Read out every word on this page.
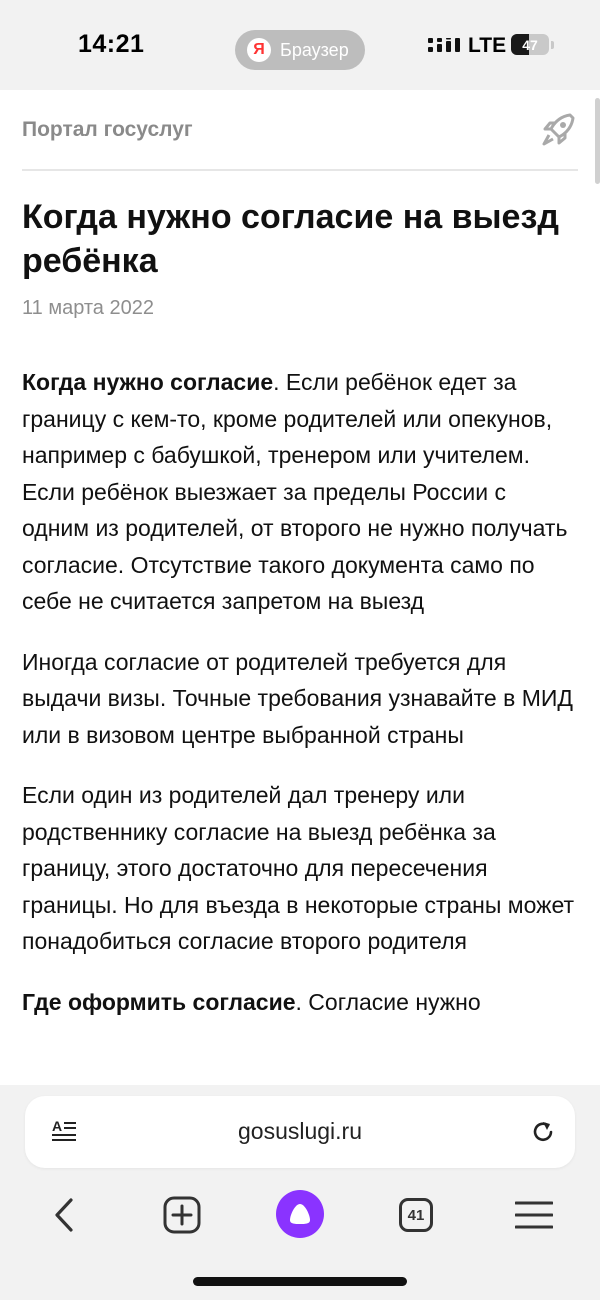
14:21	Я Браузер	LTE	47
Портал госуслуг
Когда нужно согласие на выезд ребёнка
11 марта 2022

Когда нужно согласие. Если ребёнок едет за границу с кем-то, кроме родителей или опекунов, например с бабушкой, тренером или учителем. Если ребёнок выезжает за пределы России с одним из родителей, от второго не нужно получать согласие. Отсутствие такого документа само по себе не считается запретом на выезд

Иногда согласие от родителей требуется для выдачи визы. Точные требования узнавайте в МИД или в визовом центре выбранной страны

Если один из родителей дал тренеру или родственнику согласие на выезд ребёнка за границу, этого достаточно для пересечения границы. Но для въезда в некоторые страны может понадобиться согласие второго родителя

Где оформить согласие. Согласие нужно

A	gosuslugi.ru
41
